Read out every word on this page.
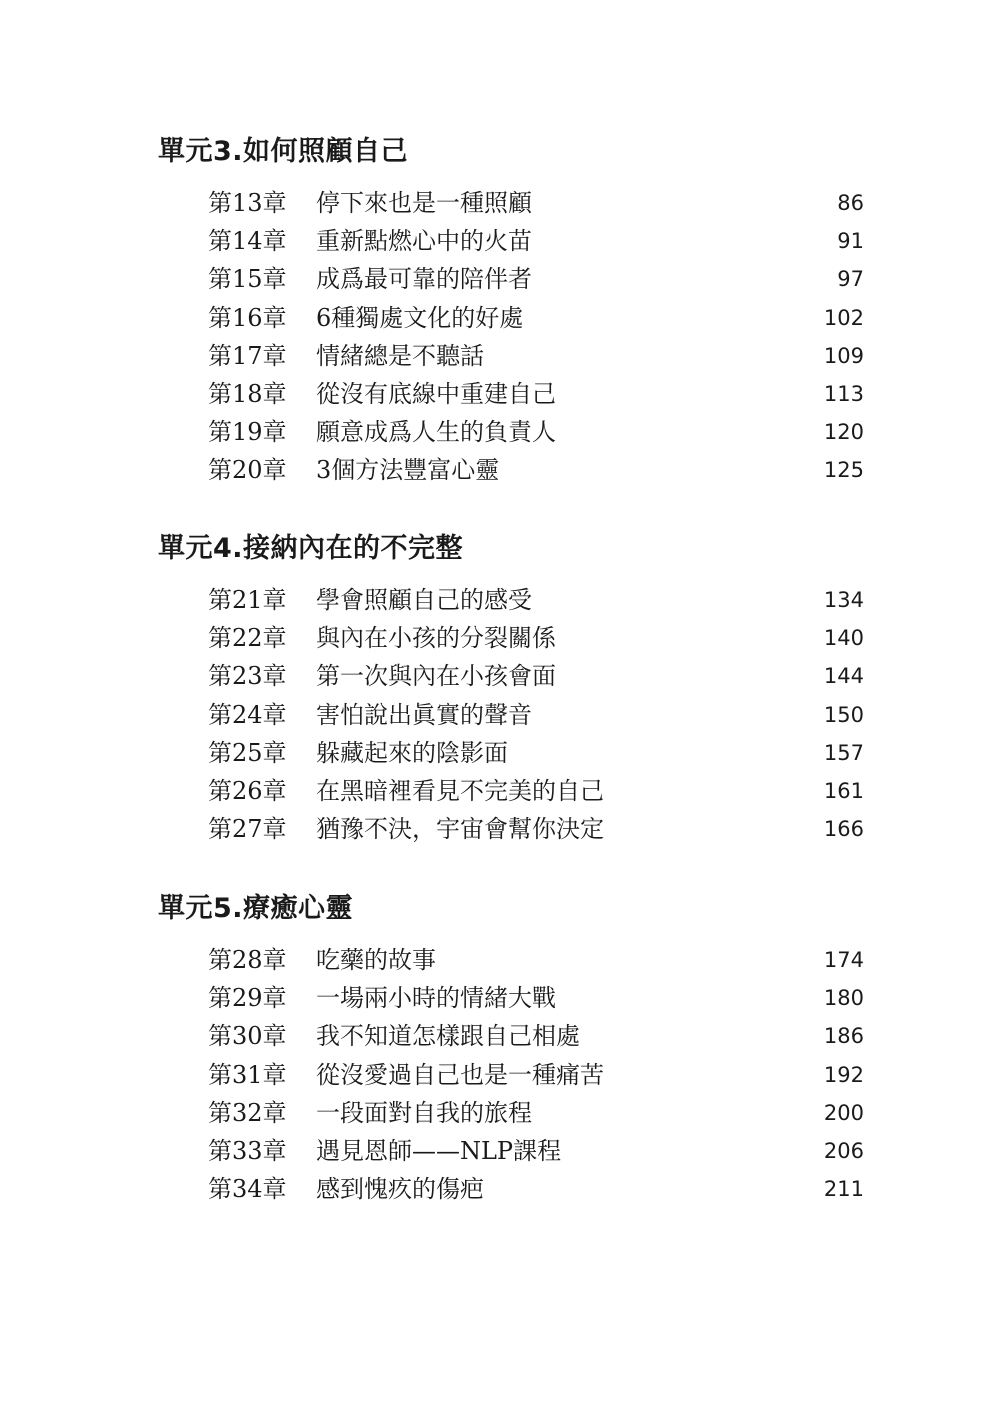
單元3.如何照顧自己
第13章 停下來也是一種照顧	86
第14章 重新點燃心中的火苗	91
第15章 成爲最可靠的陪伴者	97
第16章 6種獨處文化的好處	102
第17章 情緒總是不聽話	109
第18章 從沒有底線中重建自己	113
第19章 願意成爲人生的負責人	120
第20章 3個方法豐富心靈	125
單元4.接納內在的不完整
第21章 學會照顧自己的感受	134
第22章 與內在小孩的分裂關係	140
第23章 第一次與內在小孩會面	144
第24章 害怕說出眞實的聲音	150
第25章 躲藏起來的陰影面	157
第26章 在黑暗裡看見不完美的自己	161
第27章 猶豫不決，宇宙會幫你決定	166
單元5.療癒心靈
第28章 吃藥的故事	174
第29章 一場兩小時的情緒大戰	180
第30章 我不知道怎樣跟自己相處	186
第31章 從沒愛過自己也是一種痛苦	192
第32章 一段面對自我的旅程	200
第33章 遇見恩師——NLP課程	206
第34章 感到愧疚的傷疤	211
